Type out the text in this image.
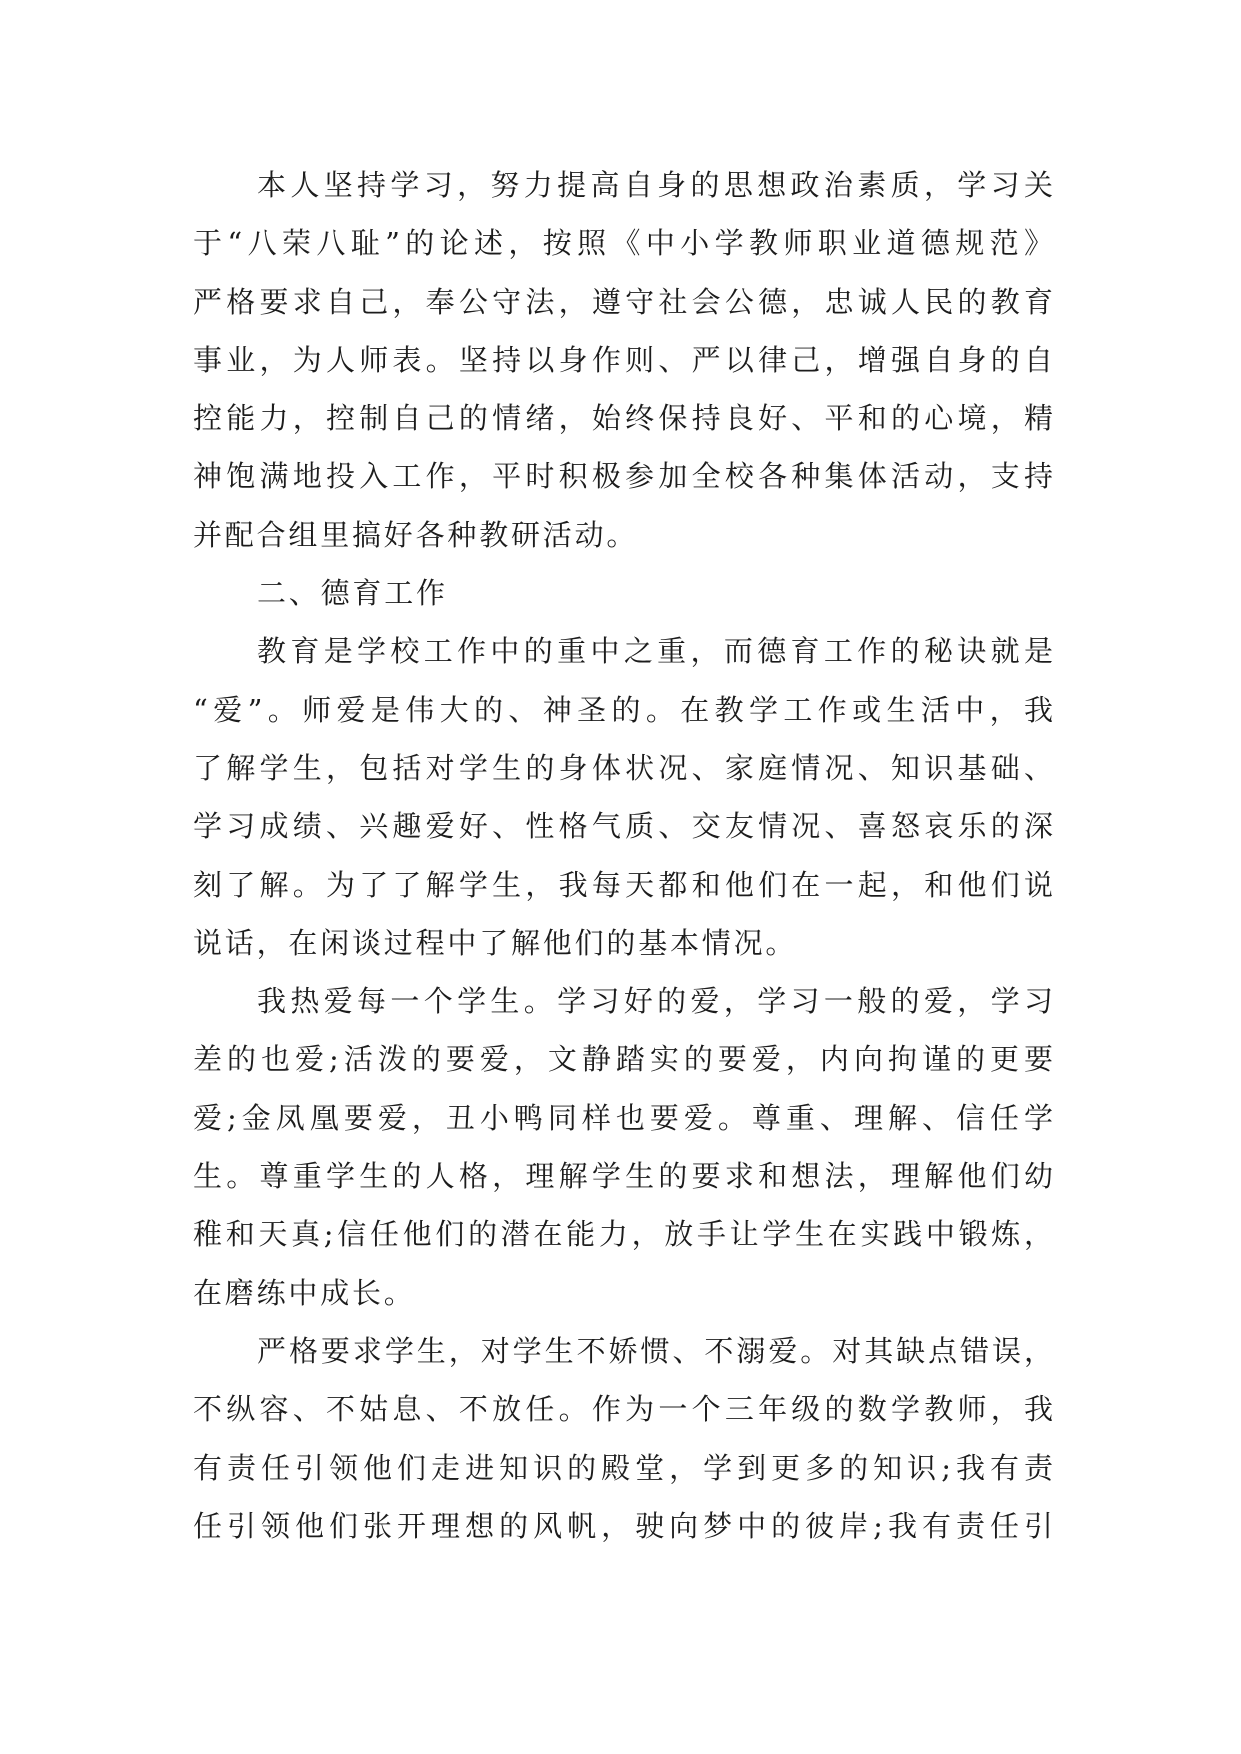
本人坚持学习，努力提高自身的思想政治素质，学习关
于“八荣八耻”的论述，按照《中小学教师职业道德规范》
严格要求自己，奉公守法，遵守社会公德，忠诚人民的教育
事业，为人师表。坚持以身作则、严以律己，增强自身的自
控能力，控制自己的情绪，始终保持良好、平和的心境，精
神饱满地投入工作，平时积极参加全校各种集体活动，支持
并配合组里搞好各种教研活动。
二、德育工作
教育是学校工作中的重中之重，而德育工作的秘诀就是
“爱”。师爱是伟大的、神圣的。在教学工作或生活中，我
了解学生，包括对学生的身体状况、家庭情况、知识基础、
学习成绩、兴趣爱好、性格气质、交友情况、喜怒哀乐的深
刻了解。为了了解学生，我每天都和他们在一起，和他们说
说话，在闲谈过程中了解他们的基本情况。
我热爱每一个学生。学习好的爱，学习一般的爱，学习
差的也爱;活泼的要爱，文静踏实的要爱，内向拘谨的更要
爱;金凤凰要爱，丑小鸭同样也要爱。尊重、理解、信任学
生。尊重学生的人格，理解学生的要求和想法，理解他们幼
稚和天真;信任他们的潜在能力，放手让学生在实践中锻炼，
在磨练中成长。
严格要求学生，对学生不娇惯、不溺爱。对其缺点错误，
不纵容、不姑息、不放任。作为一个三年级的数学教师，我
有责任引领他们走进知识的殿堂，学到更多的知识;我有责
任引领他们张开理想的风帆，驶向梦中的彼岸;我有责任引
